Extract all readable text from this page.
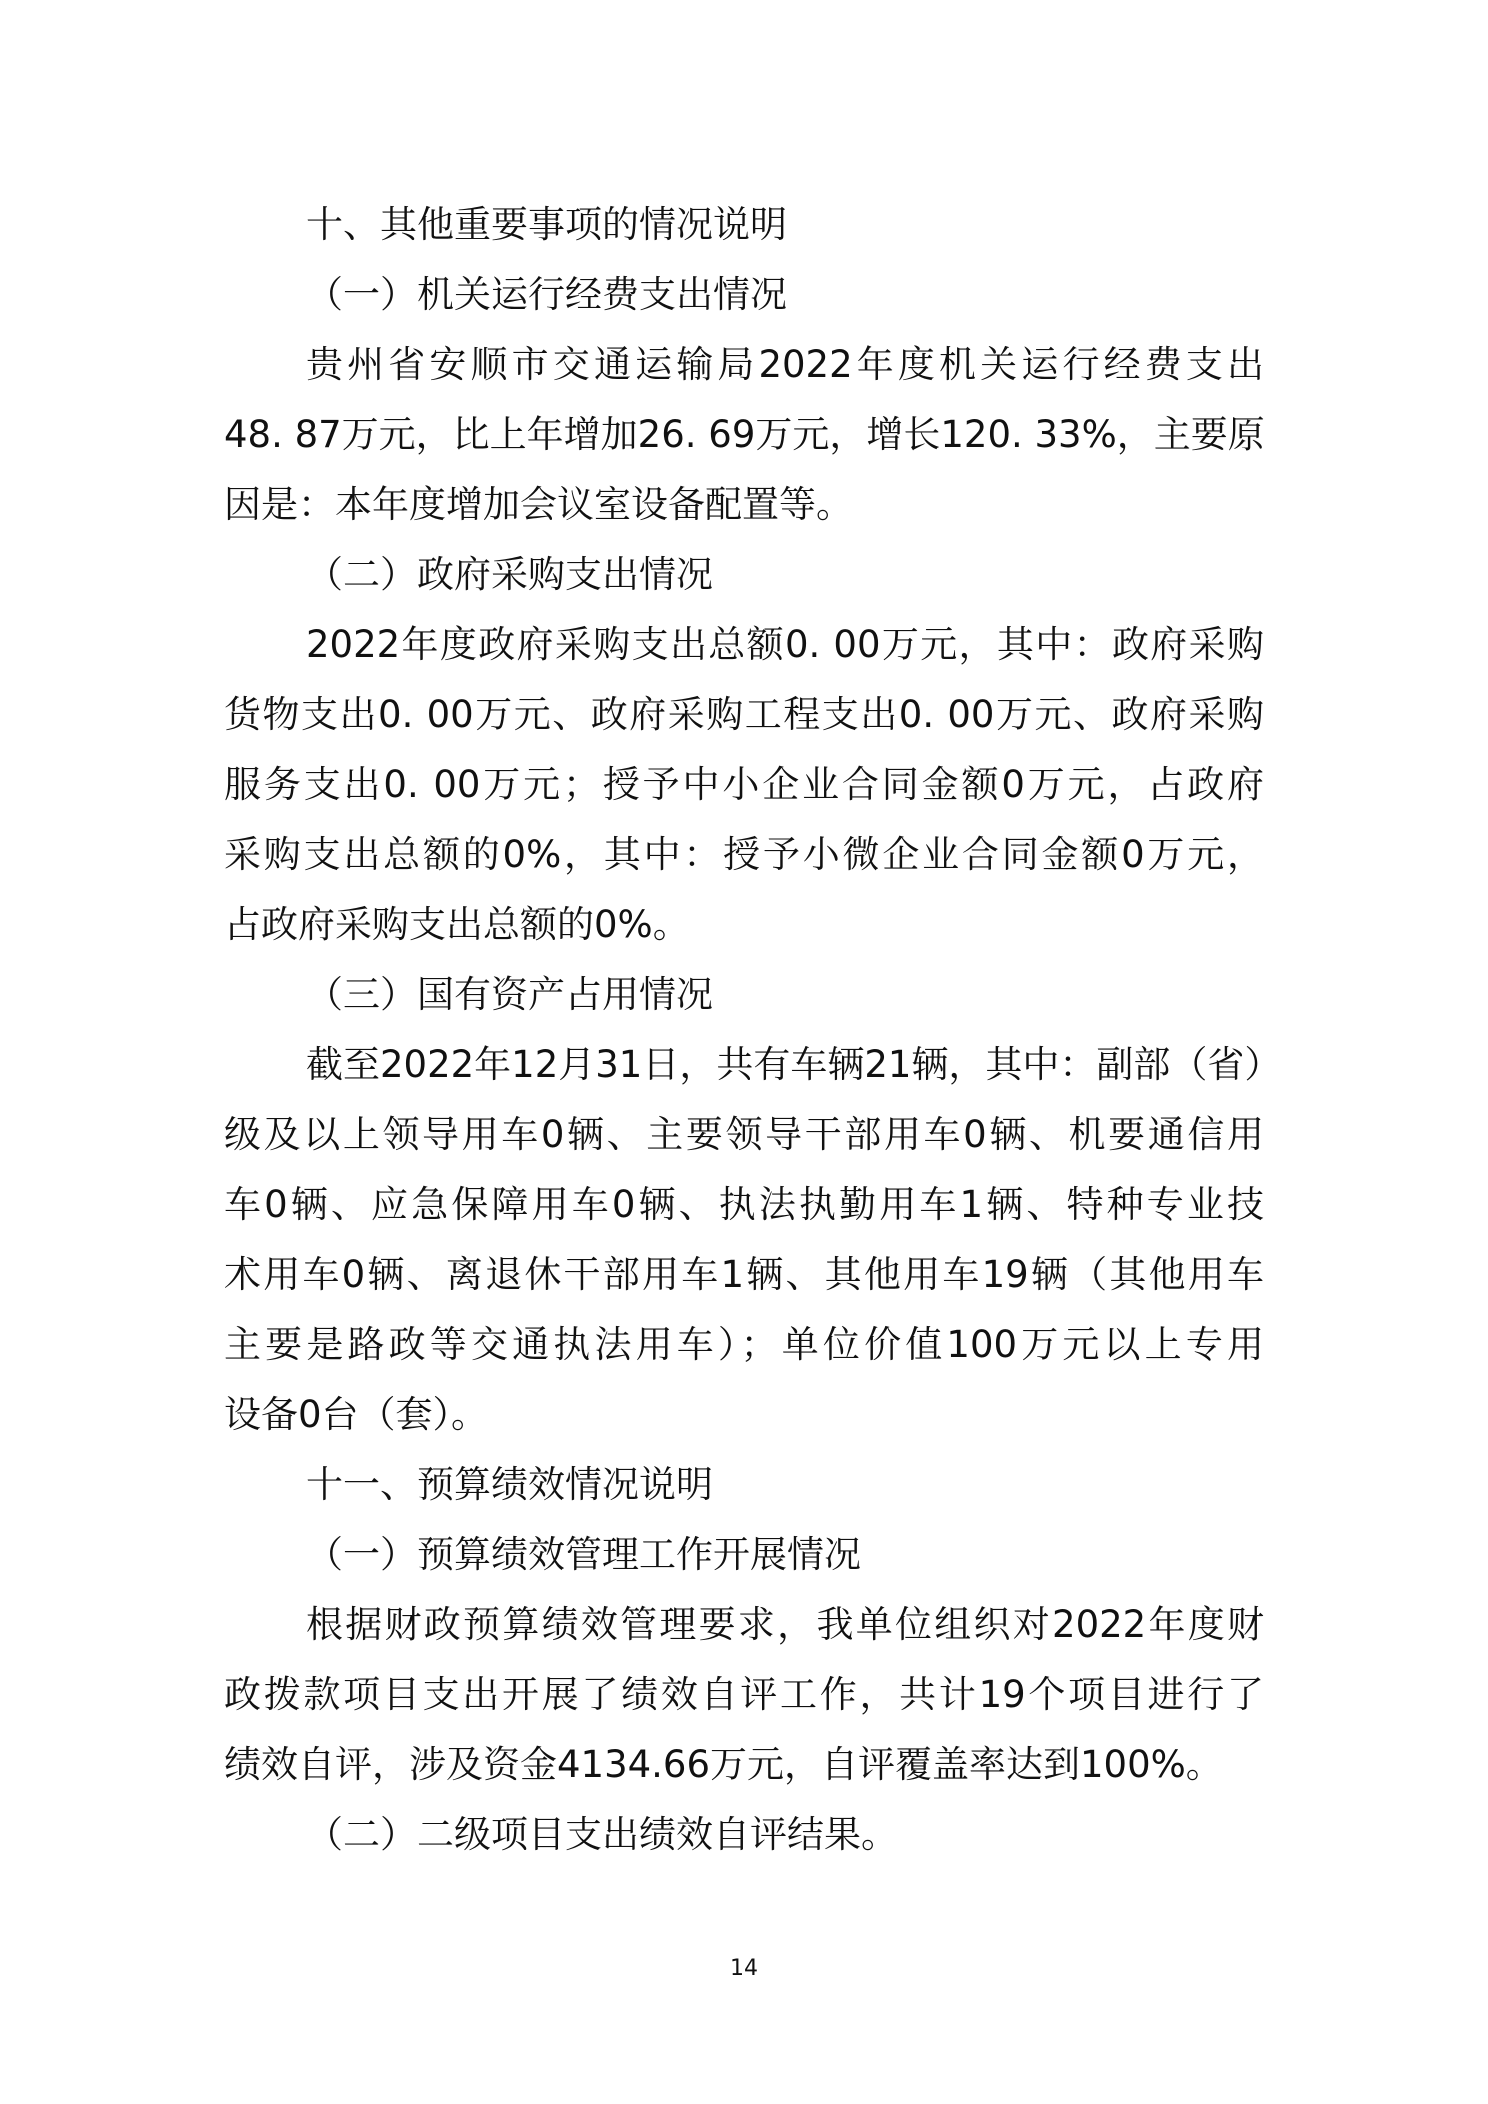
十、其他重要事项的情况说明
（一）机关运行经费支出情况
贵州省安顺市交通运输局2022年度机关运行经费支出
48. 87万元，比上年增加26. 69万元，增长120. 33%，主要原
因是：本年度增加会议室设备配置等。
（二）政府采购支出情况
2022年度政府采购支出总额0. 00万元，其中：政府采购
货物支出0. 00万元、政府采购工程支出0. 00万元、政府采购
服务支出0. 00万元；授予中小企业合同金额0万元，占政府
采购支出总额的0%，其中：授予小微企业合同金额0万元，
占政府采购支出总额的0%。
（三）国有资产占用情况
截至2022年12月31日，共有车辆21辆，其中：副部（省）
级及以上领导用车0辆、主要领导干部用车0辆、机要通信用
车0辆、应急保障用车0辆、执法执勤用车1辆、特种专业技
术用车0辆、离退休干部用车1辆、其他用车19辆（其他用车
主要是路政等交通执法用车）；单位价值100万元以上专用
设备0台（套）。
十一、预算绩效情况说明
（一）预算绩效管理工作开展情况
根据财政预算绩效管理要求，我单位组织对2022年度财
政拨款项目支出开展了绩效自评工作，共计19个项目进行了
绩效自评，涉及资金4134.66万元，自评覆盖率达到100%。
（二）二级项目支出绩效自评结果。
14
